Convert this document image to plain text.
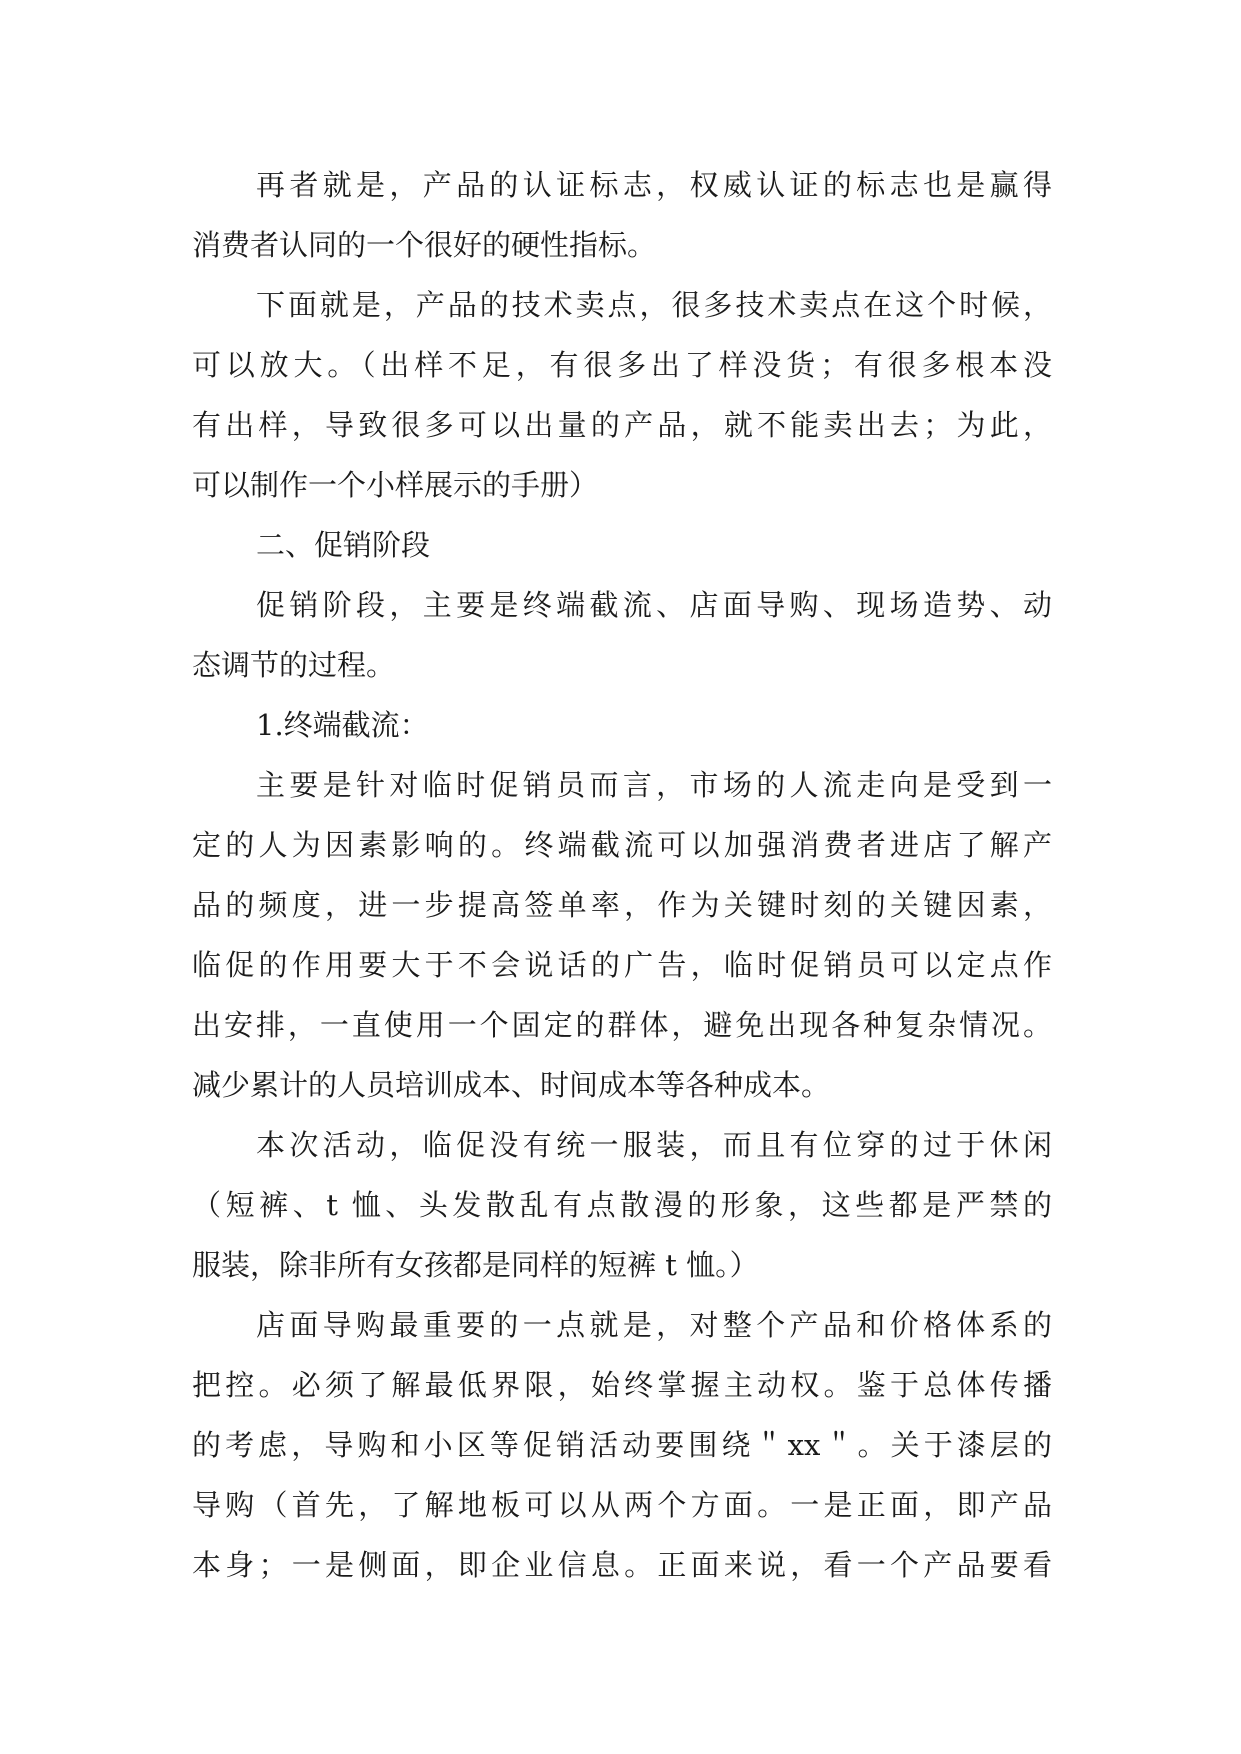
再者就是，产品的认证标志，权威认证的标志也是赢得
消费者认同的一个很好的硬性指标。
下面就是，产品的技术卖点，很多技术卖点在这个时候，
可以放大。（出样不足，有很多出了样没货；有很多根本没
有出样，导致很多可以出量的产品，就不能卖出去；为此，
可以制作一个小样展示的手册）
二、促销阶段
促销阶段，主要是终端截流、店面导购、现场造势、动
态调节的过程。
1.终端截流：
主要是针对临时促销员而言，市场的人流走向是受到一
定的人为因素影响的。终端截流可以加强消费者进店了解产
品的频度，进一步提高签单率，作为关键时刻的关键因素，
临促的作用要大于不会说话的广告，临时促销员可以定点作
出安排，一直使用一个固定的群体，避免出现各种复杂情况。
减少累计的人员培训成本、时间成本等各种成本。
本次活动，临促没有统一服装，而且有位穿的过于休闲
（短裤、t 恤、头发散乱有点散漫的形象，这些都是严禁的
服装，除非所有女孩都是同样的短裤 t 恤。）
店面导购最重要的一点就是，对整个产品和价格体系的
把控。必须了解最低界限，始终掌握主动权。鉴于总体传播
的考虑，导购和小区等促销活动要围绕＂xx＂。关于漆层的
导购（首先，了解地板可以从两个方面。一是正面，即产品
本身；一是侧面，即企业信息。正面来说，看一个产品要看
